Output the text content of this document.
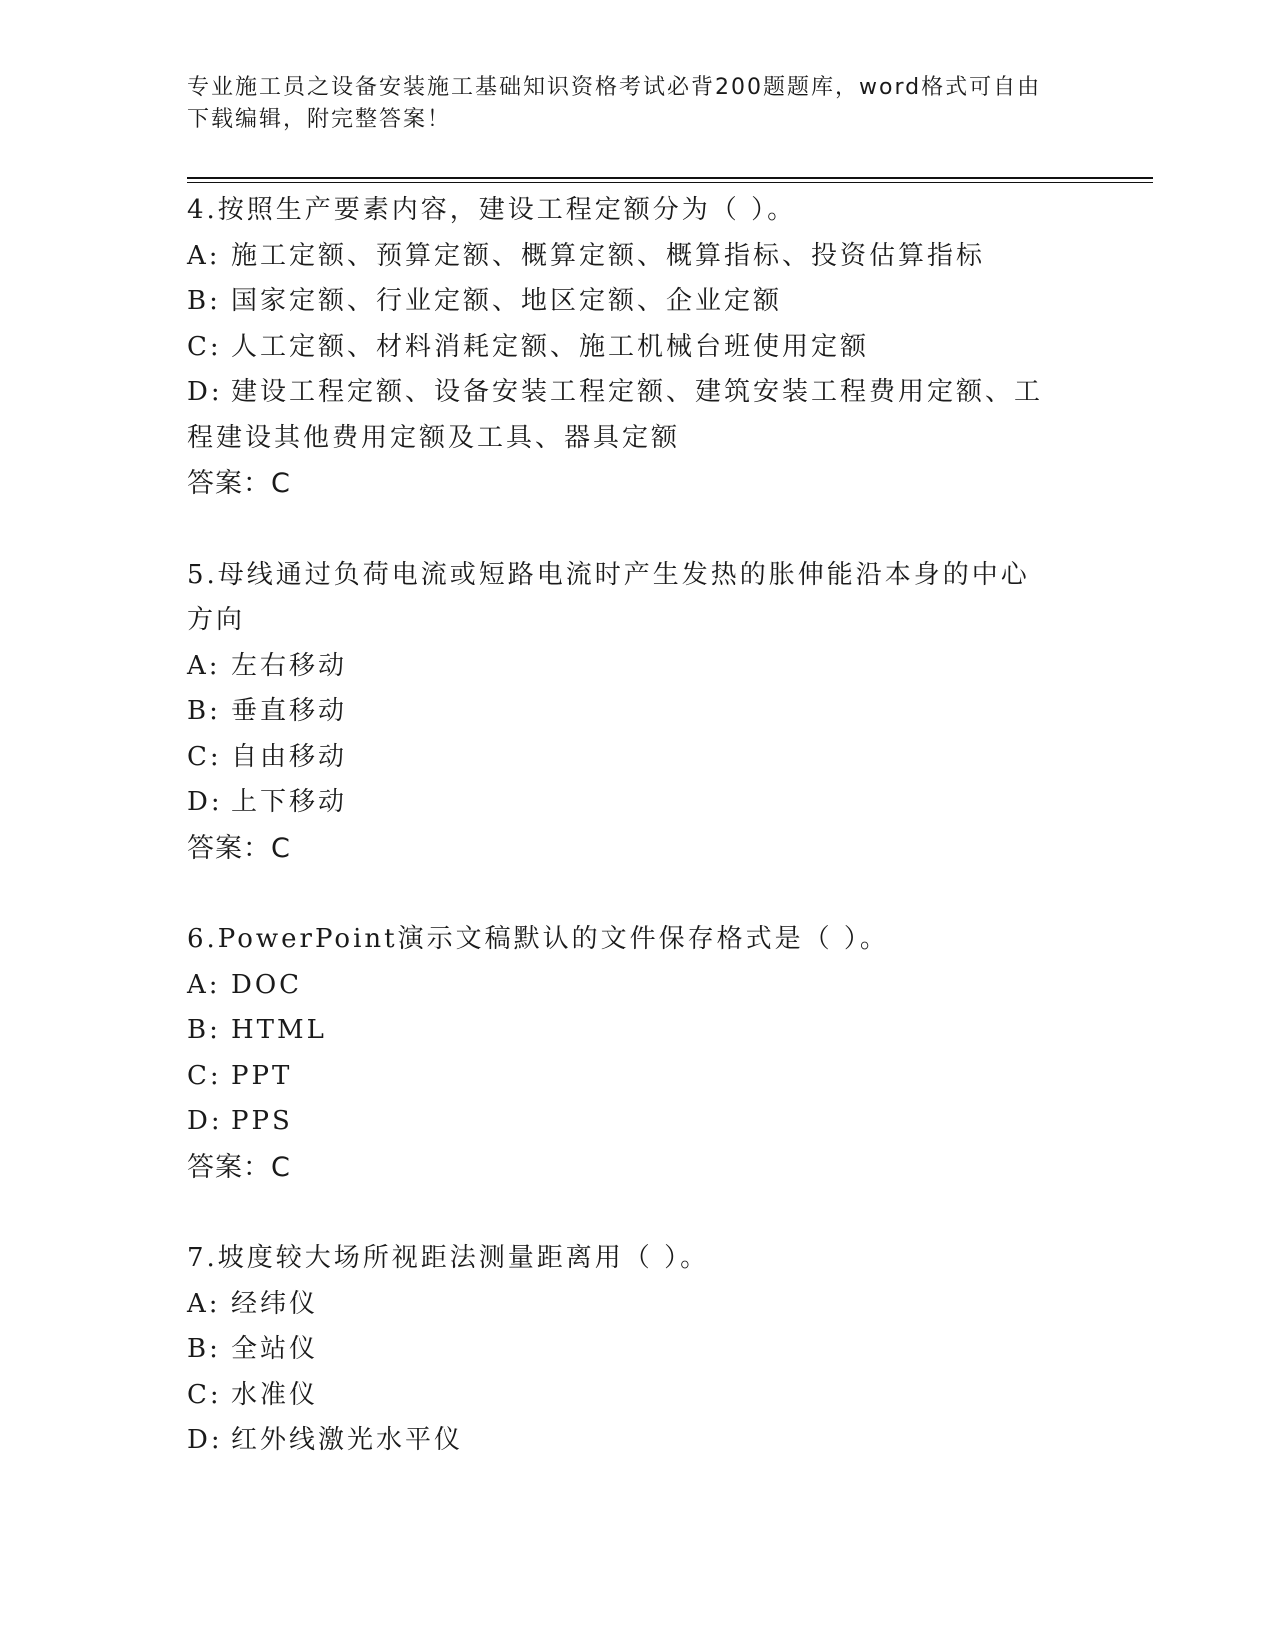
专业施工员之设备安装施工基础知识资格考试必背200题题库，word格式可自由
下载编辑，附完整答案！
4.按照生产要素内容，建设工程定额分为（ ）。
A: 施工定额、预算定额、概算定额、概算指标、投资估算指标
B: 国家定额、行业定额、地区定额、企业定额
C: 人工定额、材料消耗定额、施工机械台班使用定额
D: 建设工程定额、设备安装工程定额、建筑安装工程费用定额、工程建设其他费用定额及工具、器具定额
答案：C
5.母线通过负荷电流或短路电流时产生发热的胀伸能沿本身的中心方向
A: 左右移动
B: 垂直移动
C: 自由移动
D: 上下移动
答案：C
6.PowerPoint演示文稿默认的文件保存格式是（ ）。
A: DOC
B: HTML
C: PPT
D: PPS
答案：C
7.坡度较大场所视距法测量距离用（ ）。
A: 经纬仪
B: 全站仪
C: 水准仪
D: 红外线激光水平仪
